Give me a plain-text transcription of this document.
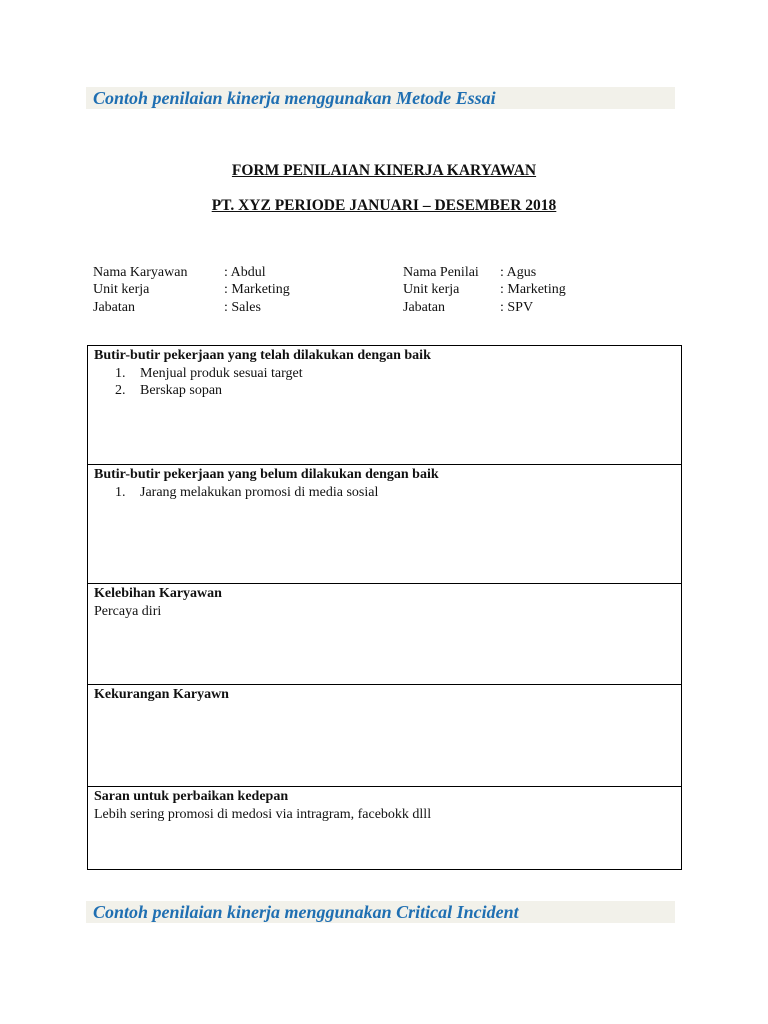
Contoh penilaian kinerja menggunakan Metode Essai
FORM PENILAIAN KINERJA KARYAWAN
PT. XYZ PERIODE JANUARI – DESEMBER 2018
Nama Karyawan	: Abdul
Unit kerja	: Marketing
Jabatan	: Sales
Nama Penilai	: Agus
Unit kerja	: Marketing
Jabatan	: SPV
Butir-butir pekerjaan yang telah dilakukan dengan baik
1.	Menjual produk sesuai target
2.	Berskap sopan
Butir-butir pekerjaan yang belum dilakukan dengan baik
1.	Jarang melakukan promosi di media sosial
Kelebihan Karyawan
Percaya diri
Kekurangan Karyawn
Saran untuk perbaikan kedepan
Lebih sering promosi di medosi via intragram, facebokk dlll
Contoh penilaian kinerja menggunakan Critical Incident
